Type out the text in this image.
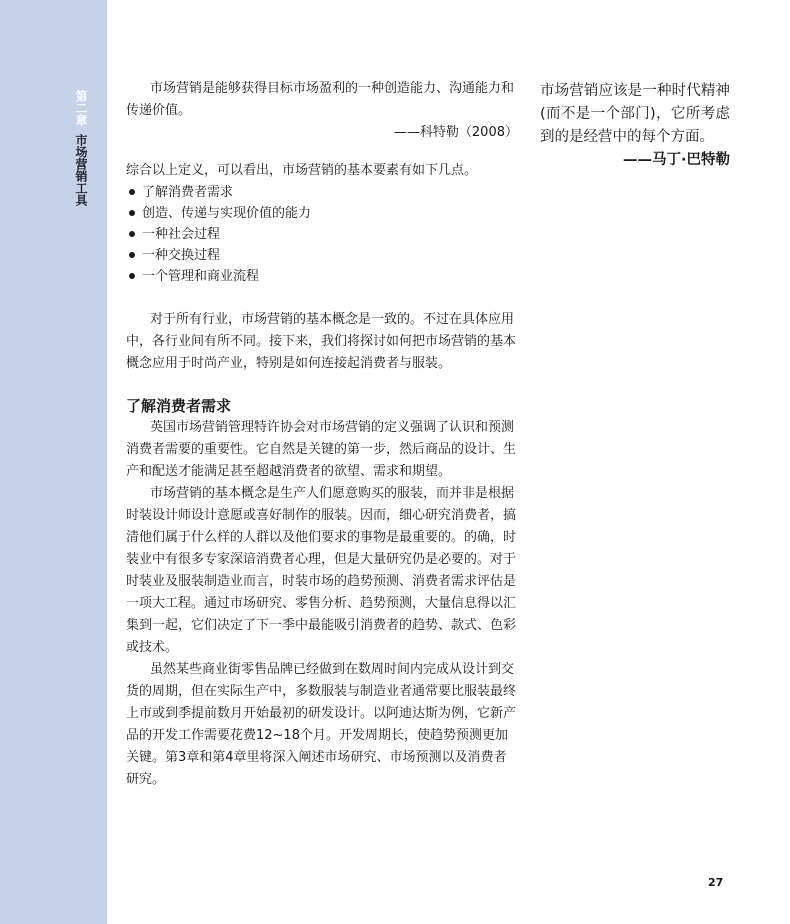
第二章市场营销工具

市场营销是能够获得目标市场盈利的一种创造能力、沟通能力和传递价值。

——科特勒（2008）

综合以上定义，可以看出，市场营销的基本要素有如下几点。

了解消费者需求
创造、传递与实现价值的能力
一种社会过程
一种交换过程
一个管理和商业流程

对于所有行业，市场营销的基本概念是一致的。不过在具体应用中，各行业间有所不同。接下来，我们将探讨如何把市场营销的基本概念应用于时尚产业，特别是如何连接起消费者与服装。

了解消费者需求

英国市场营销管理特许协会对市场营销的定义强调了认识和预测消费者需要的重要性。它自然是关键的第一步，然后商品的设计、生产和配送才能满足甚至超越消费者的欲望、需求和期望。

市场营销的基本概念是生产人们愿意购买的服装，而并非是根据时装设计师设计意愿或喜好制作的服装。因而，细心研究消费者，搞清他们属于什么样的人群以及他们要求的事物是最重要的。的确，时装业中有很多专家深谙消费者心理，但是大量研究仍是必要的。对于时装业及服装制造业而言，时装市场的趋势预测、消费者需求评估是一项大工程。通过市场研究、零售分析、趋势预测，大量信息得以汇集到一起，它们决定了下一季中最能吸引消费者的趋势、款式、色彩或技术。

虽然某些商业街零售品牌已经做到在数周时间内完成从设计到交货的周期，但在实际生产中，多数服装与制造业者通常要比服装最终上市或到季提前数月开始最初的研发设计。以阿迪达斯为例，它新产品的开发工作需要花费12~18个月。开发周期长，使趋势预测更加关键。第3章和第4章里将深入阐述市场研究、市场预测以及消费者研究。

市场营销应该是一种时代精神(而不是一个部门)，它所考虑到的是经营中的每个方面。
——马丁·巴特勒
27
